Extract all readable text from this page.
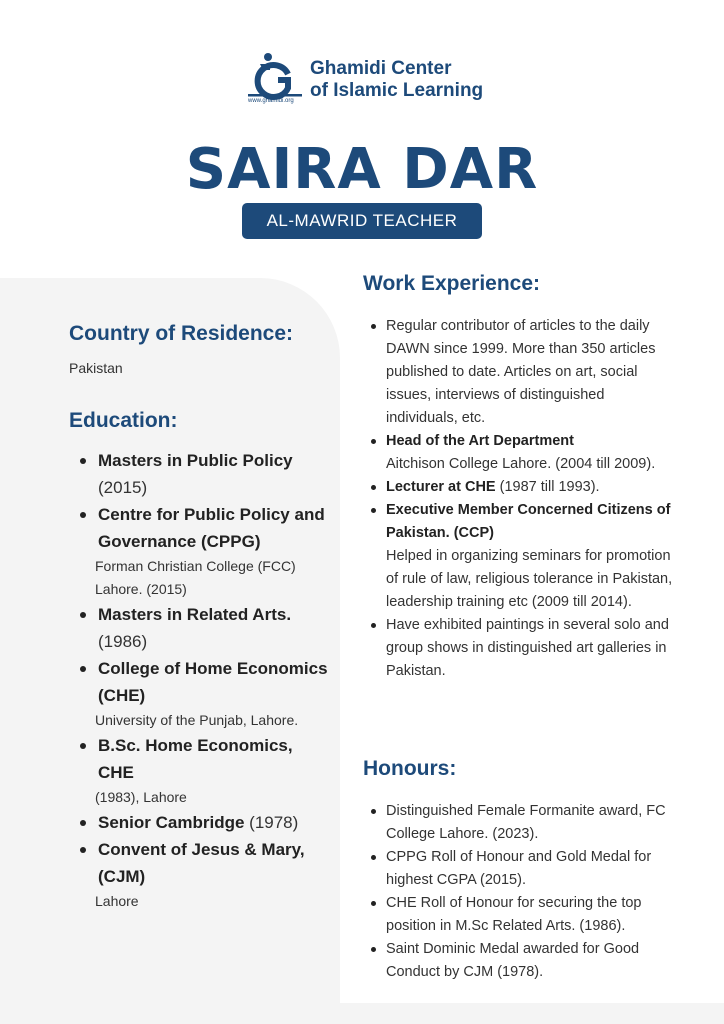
Ghamidi Center
of Islamic Learning
www.ghamidi.org
SAIRA DAR
AL-MAWRID TEACHER
Country of Residence:
Pakistan
Education:
Masters in Public Policy (2015)
Centre for Public Policy and Governance (CPPG)
Forman Christian College (FCC) Lahore. (2015)
Masters in Related Arts. (1986)
College of Home Economics (CHE)
University of the Punjab, Lahore.
B.Sc. Home Economics, CHE
(1983), Lahore
Senior Cambridge (1978)
Convent of Jesus & Mary, (CJM)
Lahore
Work Experience:
Regular contributor of articles to the daily DAWN since 1999. More than 350 articles published to date. Articles on art, social issues, interviews of distinguished individuals, etc.
Head of the Art Department
Aitchison College Lahore. (2004 till 2009).
Lecturer at CHE (1987 till 1993).
Executive Member Concerned Citizens of Pakistan. (CCP)
Helped in organizing seminars for promotion of rule of law, religious tolerance in Pakistan, leadership training etc (2009 till 2014).
Have exhibited paintings in several solo and group shows in distinguished art galleries in Pakistan.
Honours:
Distinguished Female Formanite award, FC College Lahore. (2023).
CPPG Roll of Honour and Gold Medal for highest CGPA (2015).
CHE Roll of Honour for securing the top position in M.Sc Related Arts. (1986).
Saint Dominic Medal awarded for Good Conduct by CJM (1978).
